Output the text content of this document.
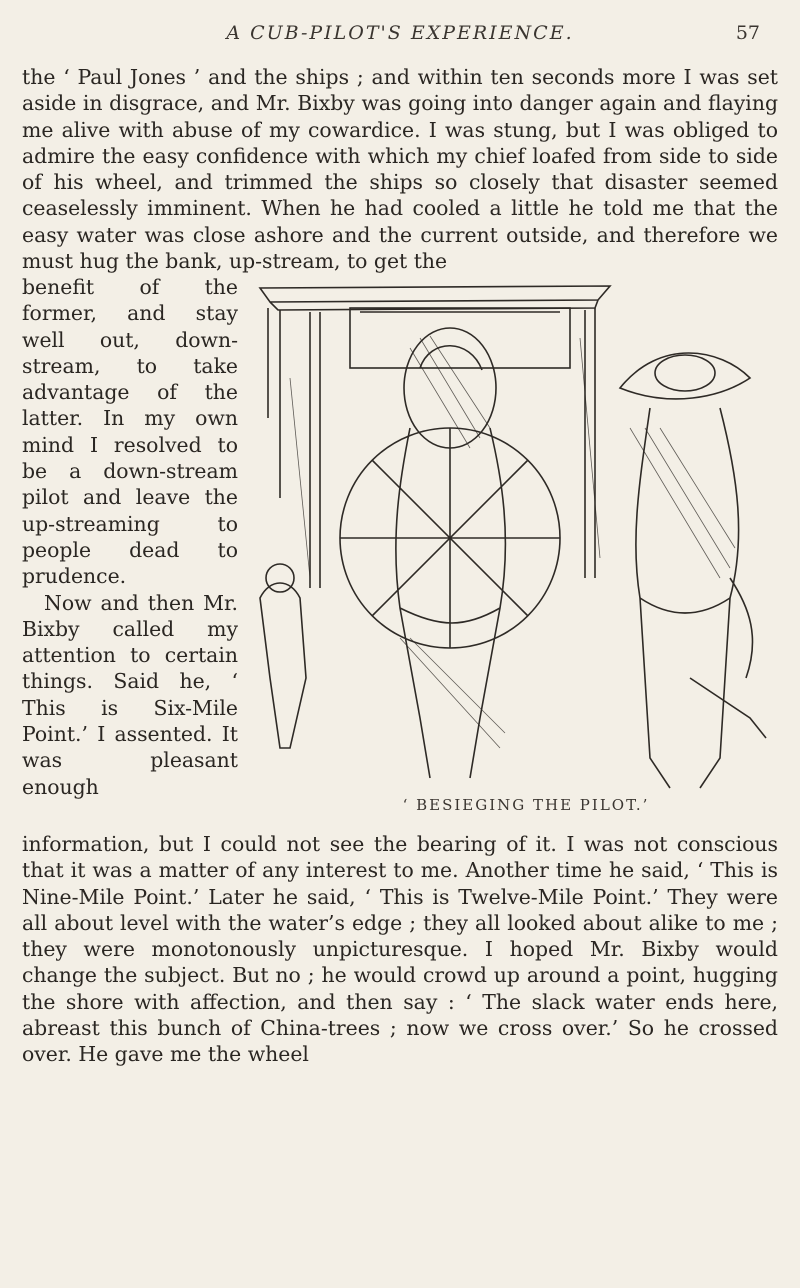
A CUB-PILOT'S EXPERIENCE.	57

the ‘ Paul Jones ’ and the ships ; and within ten seconds more I was set aside in disgrace, and Mr. Bixby was going into danger again and flaying me alive with abuse of my cowardice. I was stung, but I was obliged to admire the easy confidence with which my chief loafed from side to side of his wheel, and trimmed the ships so closely that disaster seemed ceaselessly imminent. When he had cooled a little he told me that the easy water was close ashore and the current outside, and therefore we must hug the bank, up-stream, to get the

benefit of the former, and stay well out, down-stream, to take advantage of the latter. In my own mind I resolved to be a down-stream pilot and leave the up-streaming to people dead to prudence.

Now and then Mr. Bixby called my attention to certain things. Said he, ‘ This is Six-Mile Point.’ I assented. It was pleasant enough

‘ BESIEGING THE PILOT.’

information, but I could not see the bearing of it. I was not conscious that it was a matter of any interest to me. Another time he said, ‘ This is Nine-Mile Point.’ Later he said, ‘ This is Twelve-Mile Point.’ They were all about level with the water’s edge ; they all looked about alike to me ; they were monotonously unpicturesque. I hoped Mr. Bixby would change the subject. But no ; he would crowd up around a point, hugging the shore with affection, and then say : ‘ The slack water ends here, abreast this bunch of China-trees ; now we cross over.’ So he crossed over. He gave me the wheel
